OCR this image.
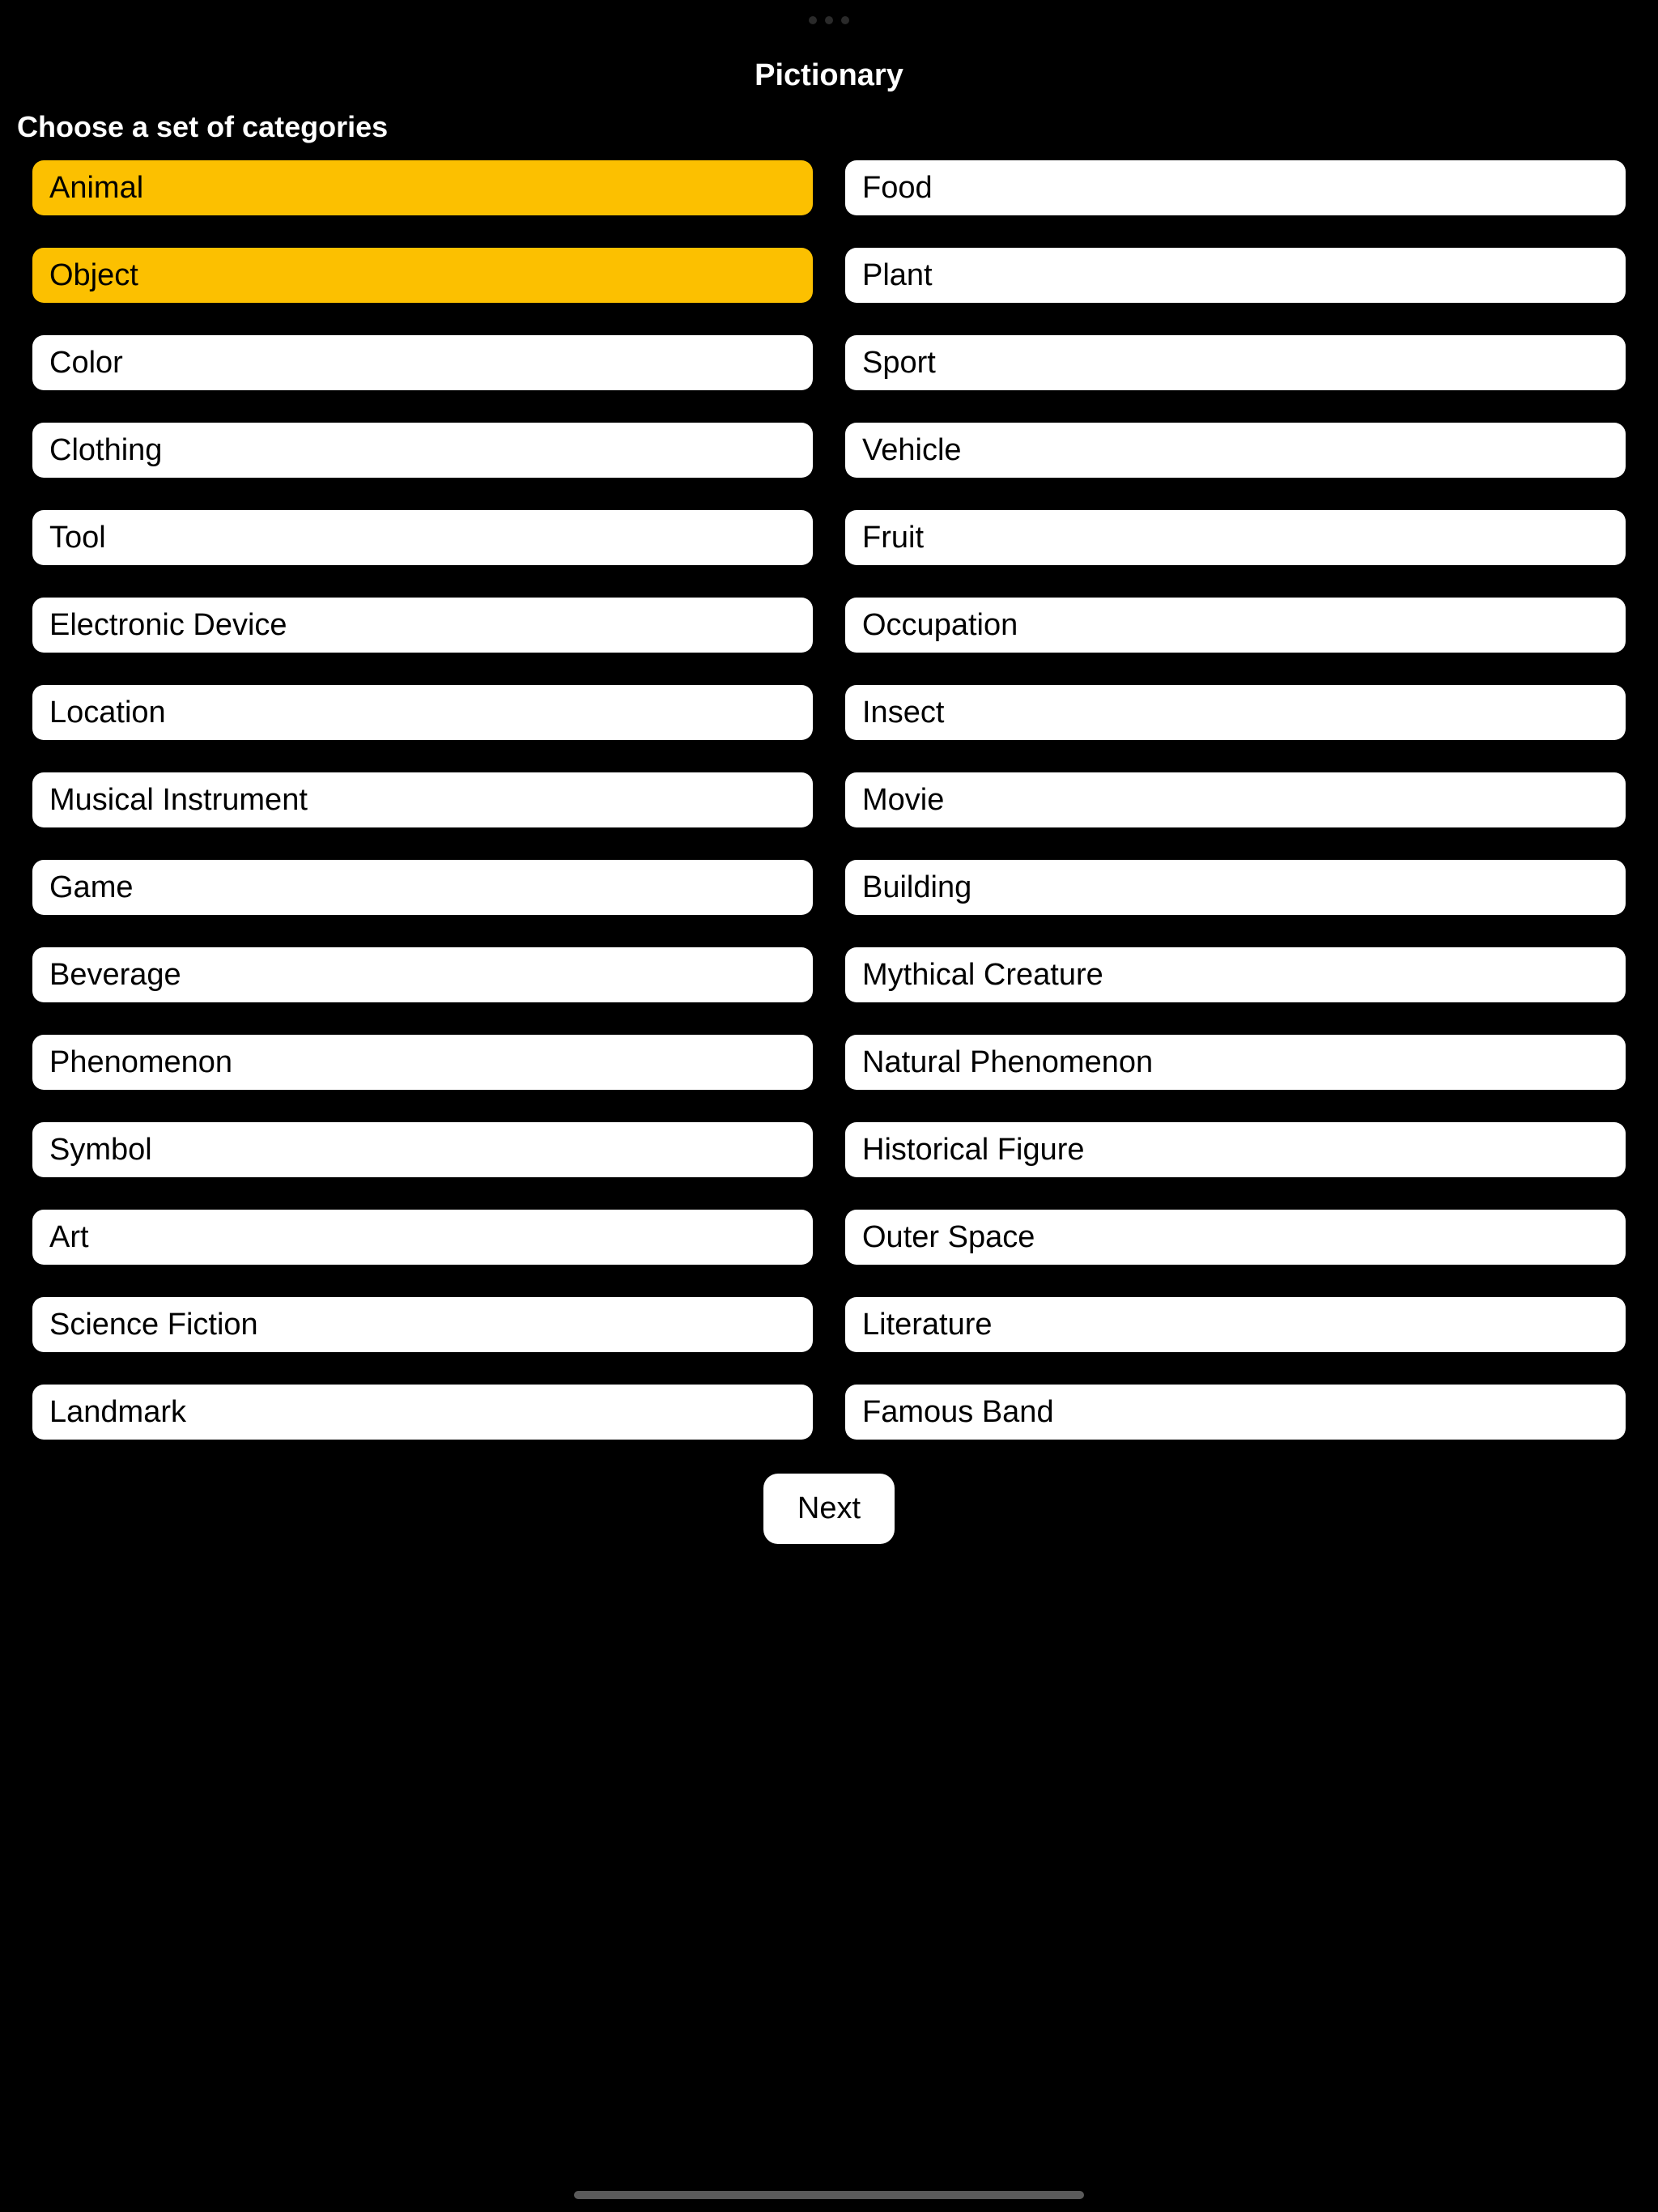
Pictionary
Choose a set of categories
Animal	Food
Object	Plant
Color	Sport
Clothing	Vehicle
Tool	Fruit
Electronic Device	Occupation
Location	Insect
Musical Instrument	Movie
Game	Building
Beverage	Mythical Creature
Phenomenon	Natural Phenomenon
Symbol	Historical Figure
Art	Outer Space
Science Fiction	Literature
Landmark	Famous Band
Next
